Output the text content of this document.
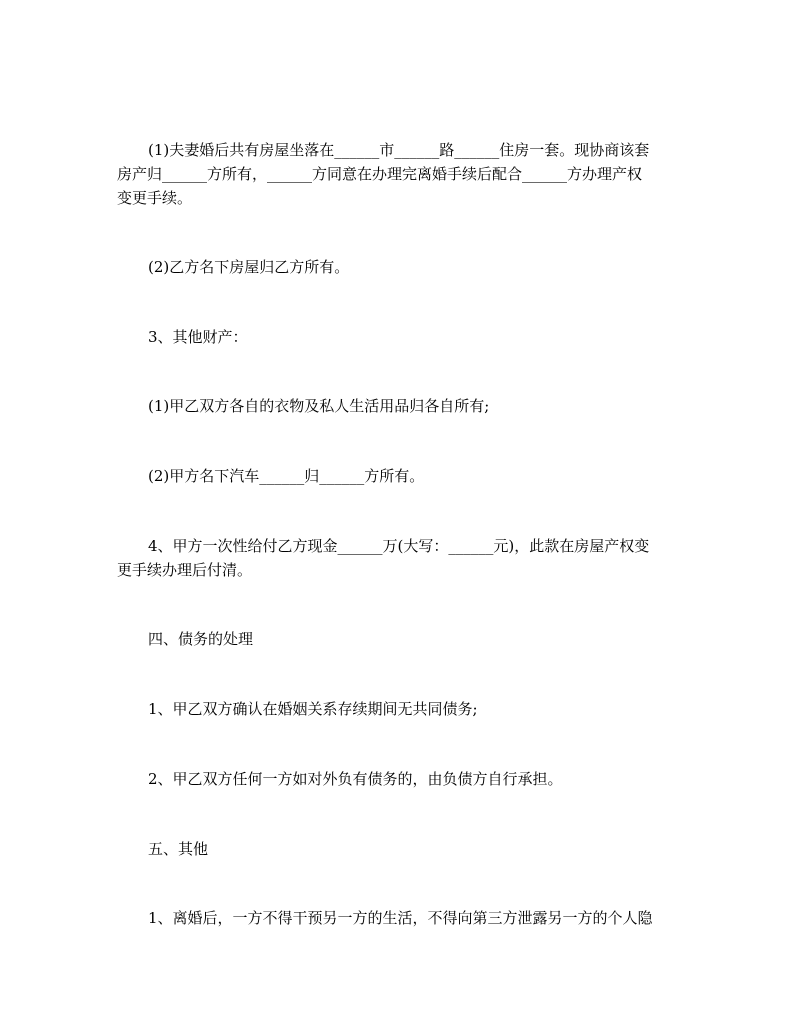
(1)夫妻婚后共有房屋坐落在______市______路______住房一套。现协商该套
房产归______方所有，______方同意在办理完离婚手续后配合______方办理产权
变更手续。
(2)乙方名下房屋归乙方所有。
3、其他财产：
(1)甲乙双方各自的衣物及私人生活用品归各自所有;
(2)甲方名下汽车______归______方所有。
4、甲方一次性给付乙方现金______万(大写：______元)，此款在房屋产权变
更手续办理后付清。
四、债务的处理
1、甲乙双方确认在婚姻关系存续期间无共同债务;
2、甲乙双方任何一方如对外负有债务的，由负债方自行承担。
五、其他
1、离婚后，一方不得干预另一方的生活，不得向第三方泄露另一方的个人隐
